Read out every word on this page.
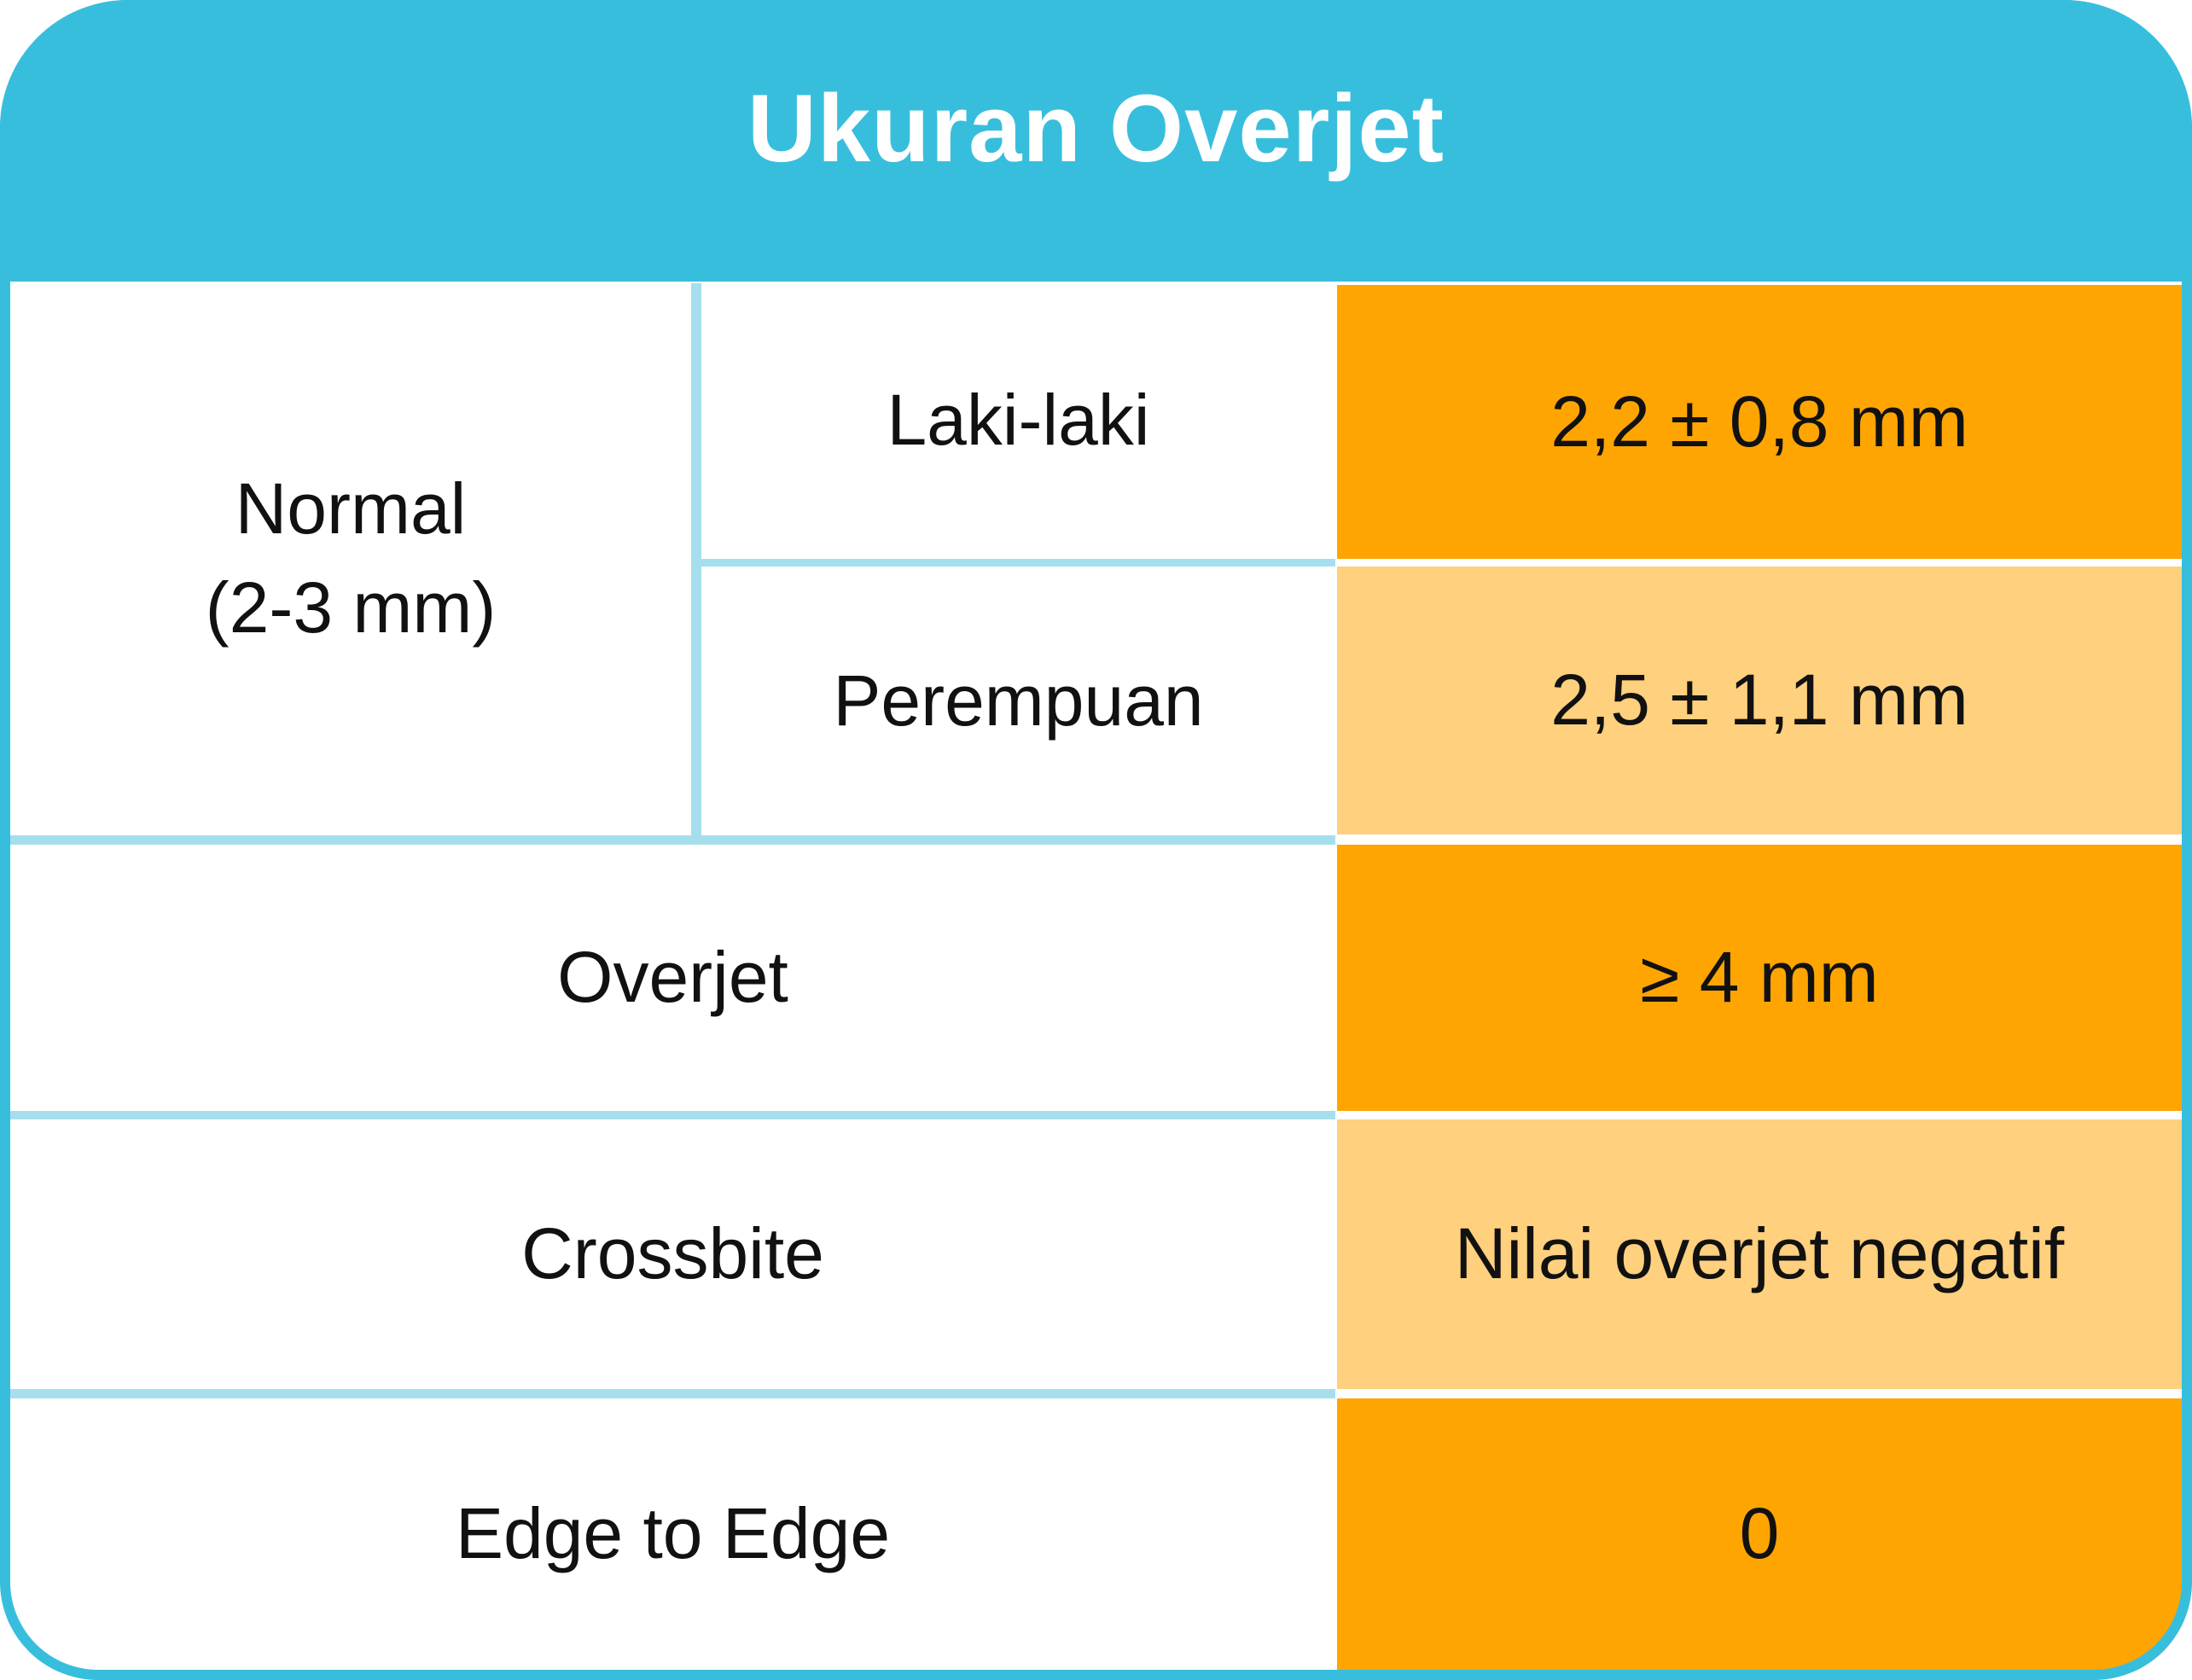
Ukuran Overjet
Normal
(2-3 mm)
Laki-laki
Perempuan
Overjet
Crossbite
Edge to Edge
2,2 ± 0,8 mm
2,5 ± 1,1 mm
≥ 4 mm
Nilai overjet negatif
0
